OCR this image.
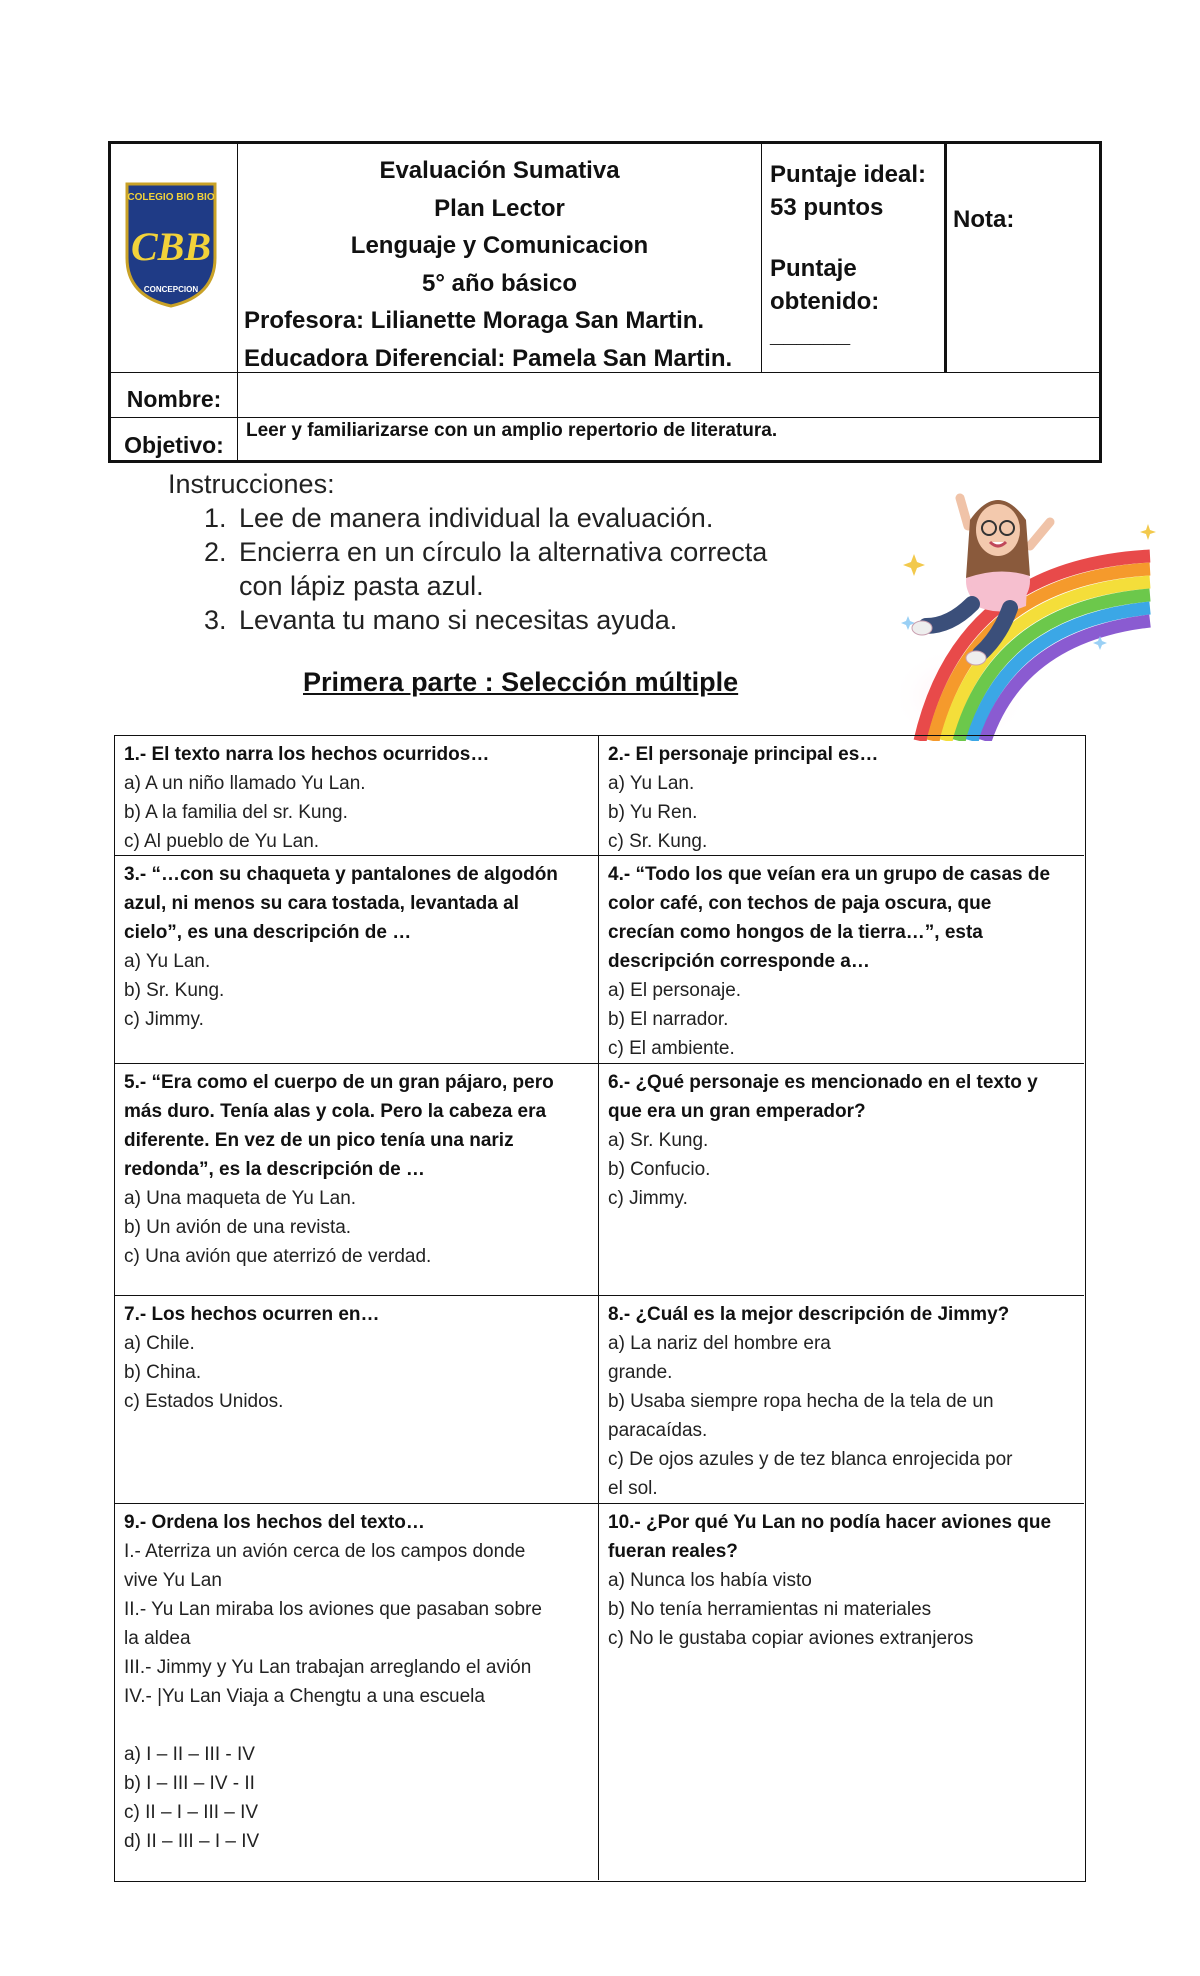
COLEGIO BIO BIO
CBB
CONCEPCION
Evaluación Sumativa
Plan Lector
Lenguaje y Comunicacion
5° año básico
Profesora: Lilianette Moraga San Martin.
Educadora Diferencial: Pamela San Martin.
Puntaje ideal:
53 puntos
Puntaje
obtenido:
______
Nota:
Nombre:
Objetivo:
Leer y familiarizarse con un amplio repertorio de literatura.
Instrucciones:
1. Lee de manera individual la evaluación.
2. Encierra en un círculo la alternativa correcta
con lápiz pasta azul.
3. Levanta tu mano si necesitas ayuda.
Primera parte : Selección múltiple
1.- El texto narra los hechos ocurridos…
a) A un niño llamado Yu Lan.
b) A la familia del sr. Kung.
c) Al pueblo de Yu Lan.
2.- El personaje principal es…
a) Yu Lan.
b) Yu Ren.
c) Sr. Kung.
3.- “…con su chaqueta y pantalones de algodón
azul, ni menos su cara tostada, levantada al
cielo”, es una descripción de …
a) Yu Lan.
b) Sr. Kung.
c) Jimmy.
4.- “Todo los que veían era un grupo de casas de
color café, con techos de paja oscura, que
crecían como hongos de la tierra…”, esta
descripción corresponde a…
a) El personaje.
b) El narrador.
c) El ambiente.
5.- “Era como el cuerpo de un gran pájaro, pero
más duro. Tenía alas y cola. Pero la cabeza era
diferente. En vez de un pico tenía una nariz
redonda”, es la descripción de …
a) Una maqueta de Yu Lan.
b) Un avión de una revista.
c) Una avión que aterrizó de verdad.
6.- ¿Qué personaje es mencionado en el texto y
que era un gran emperador?
a) Sr. Kung.
b) Confucio.
c) Jimmy.
7.- Los hechos ocurren en…
a) Chile.
b) China.
c) Estados Unidos.
8.- ¿Cuál es la mejor descripción de Jimmy?
a) La nariz del hombre era
grande.
b) Usaba siempre ropa hecha de la tela de un
paracaídas.
c) De ojos azules y de tez blanca enrojecida por
el sol.
9.- Ordena los hechos del texto…
I.- Aterriza un avión cerca de los campos donde
vive Yu Lan
II.- Yu Lan miraba los aviones que pasaban sobre
la aldea
III.- Jimmy y Yu Lan trabajan arreglando el avión
IV.- |Yu Lan Viaja a Chengtu a una escuela
a) I – II – III - IV
b) I – III – IV - II
c) II – I – III – IV
d) II – III – I – IV
10.- ¿Por qué Yu Lan no podía hacer aviones que
fueran reales?
a) Nunca los había visto
b) No tenía herramientas ni materiales
c) No le gustaba copiar aviones extranjeros
